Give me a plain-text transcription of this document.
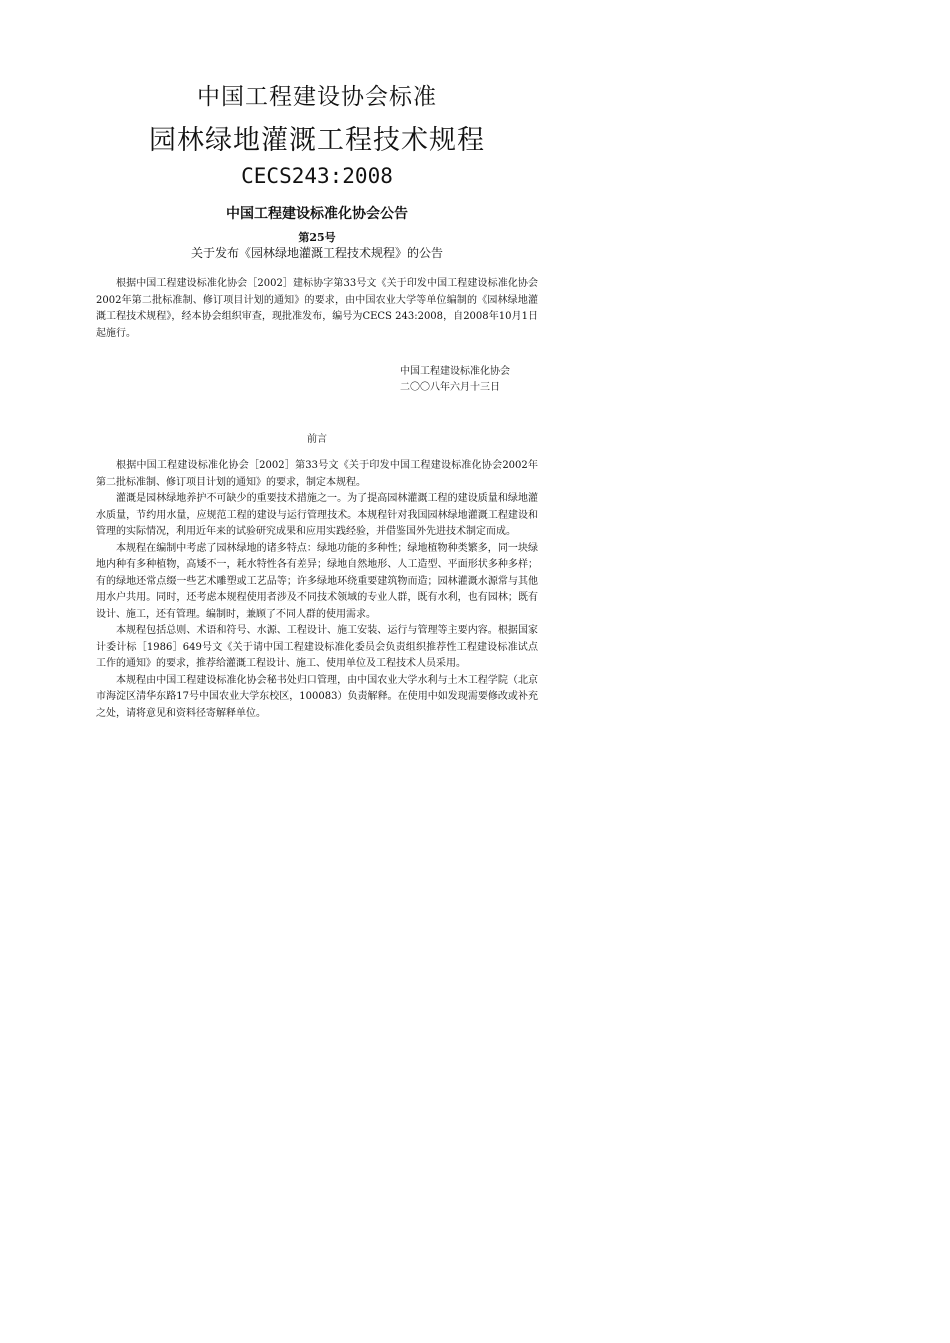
中国工程建设协会标准
园林绿地灌溉工程技术规程
CECS243:2008
中国工程建设标准化协会公告
第25号
关于发布《园林绿地灌溉工程技术规程》的公告

根据中国工程建设标准化协会［2002］建标协字第33号文《关于印发中国工程建设标准化协会2002年第二批标准制、修订项目计划的通知》的要求，由中国农业大学等单位编制的《园林绿地灌溉工程技术规程》，经本协会组织审查，现批准发布，编号为CECS 243:2008，自2008年10月1日起施行。

中国工程建设标准化协会
二〇〇八年六月十三日
前言

根据中国工程建设标准化协会［2002］第33号文《关于印发中国工程建设标准化协会2002年第二批标准制、修订项目计划的通知》的要求，制定本规程。

灌溉是园林绿地养护不可缺少的重要技术措施之一。为了提高园林灌溉工程的建设质量和绿地灌水质量，节约用水量，应规范工程的建设与运行管理技术。本规程针对我国园林绿地灌溉工程建设和管理的实际情况，利用近年来的试验研究成果和应用实践经验，并借鉴国外先进技术制定而成。

本规程在编制中考虑了园林绿地的诸多特点：绿地功能的多种性；绿地植物种类繁多，同一块绿地内种有多种植物，高矮不一，耗水特性各有差异；绿地自然地形、人工造型、平面形状多种多样；有的绿地还常点缀一些艺术雕塑或工艺品等；许多绿地环绕重要建筑物而造；园林灌溉水源常与其他用水户共用。同时，还考虑本规程使用者涉及不同技术领域的专业人群，既有水利，也有园林；既有设计、施工，还有管理。编制时，兼顾了不同人群的使用需求。

本规程包括总则、术语和符号、水源、工程设计、施工安装、运行与管理等主要内容。根据国家计委计标［1986］649号文《关于请中国工程建设标准化委员会负责组织推荐性工程建设标准试点工作的通知》的要求，推荐给灌溉工程设计、施工、使用单位及工程技术人员采用。

本规程由中国工程建设标准化协会秘书处归口管理，由中国农业大学水利与土木工程学院（北京市海淀区清华东路17号中国农业大学东校区，100083）负责解释。在使用中如发现需要修改或补充之处，请将意见和资料径寄解释单位。
